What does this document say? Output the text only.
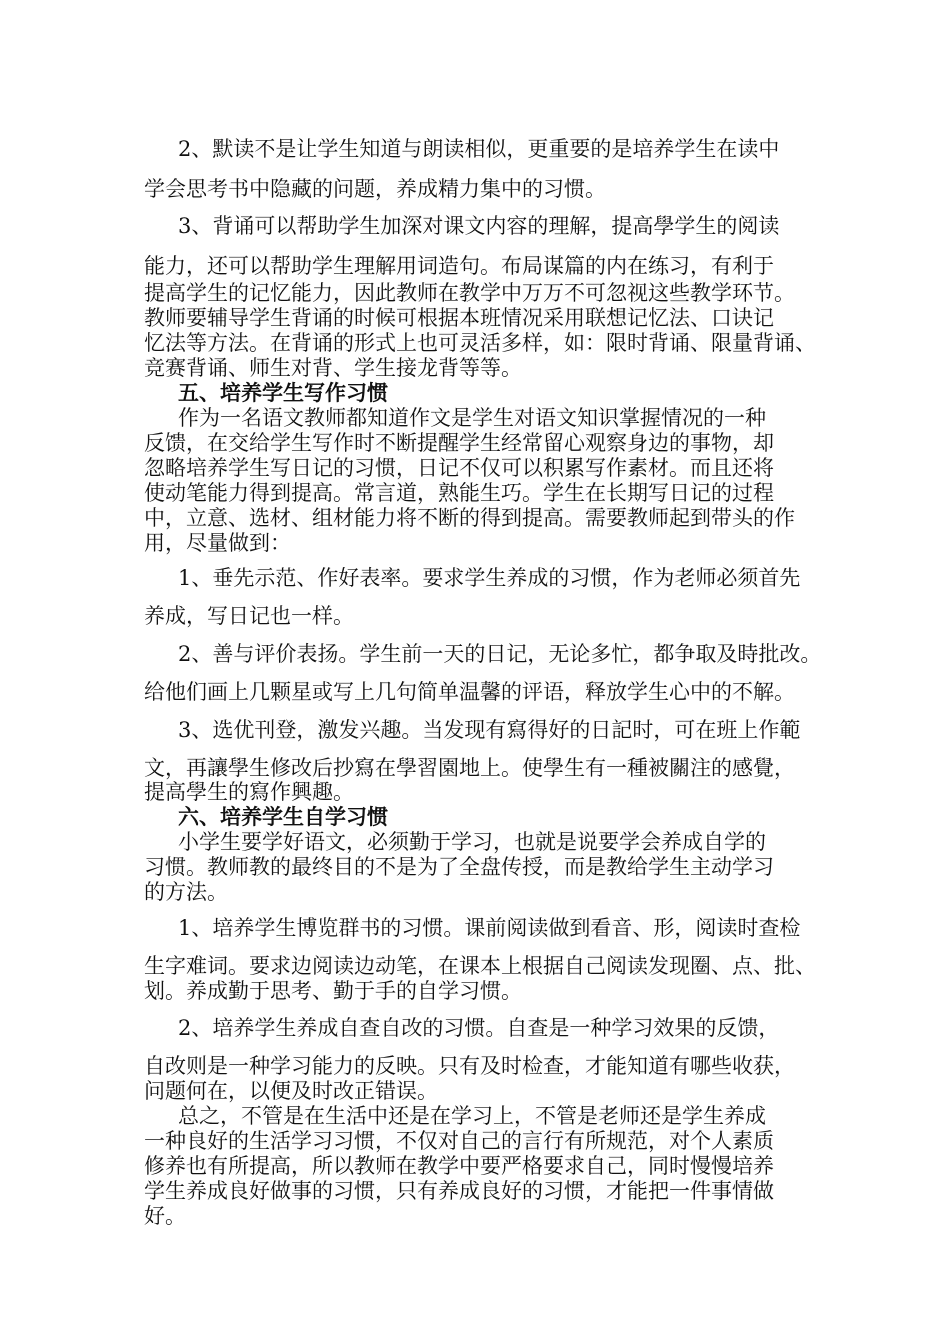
2、默读不是让学生知道与朗读相似，更重要的是培养学生在读中
学会思考书中隐藏的问题，养成精力集中的习惯。
3、背诵可以帮助学生加深对课文内容的理解，提高學学生的阅读
能力，还可以帮助学生理解用词造句。布局谋篇的内在练习，有利于
提高学生的记忆能力，因此教师在教学中万万不可忽视这些教学环节。
教师要辅导学生背诵的时候可根据本班情况采用联想记忆法、口诀记
忆法等方法。在背诵的形式上也可灵活多样，如：限时背诵、限量背诵、
竞赛背诵、师生对背、学生接龙背等等。
五、培养学生写作习惯
作为一名语文教师都知道作文是学生对语文知识掌握情况的一种
反馈，在交给学生写作时不断提醒学生经常留心观察身边的事物，却
忽略培养学生写日记的习惯，日记不仅可以积累写作素材。而且还将
使动笔能力得到提高。常言道，熟能生巧。学生在长期写日记的过程
中，立意、选材、组材能力将不断的得到提高。需要教师起到带头的作
用，尽量做到：
1、垂先示范、作好表率。要求学生养成的习惯，作为老师必须首先
养成，写日记也一样。
2、善与评价表扬。学生前一天的日记，无论多忙，都争取及時批改。
给他们画上几颗星或写上几句简单温馨的评语，释放学生心中的不解。
3、选优刊登，激发兴趣。当发现有寫得好的日記时，可在班上作範
文，再讓學生修改后抄寫在學習園地上。使學生有一種被關注的感覺，
提高學生的寫作興趣。
六、培养学生自学习惯
小学生要学好语文，必须勤于学习，也就是说要学会养成自学的
习惯。教师教的最终目的不是为了全盘传授，而是教给学生主动学习
的方法。
1、培养学生博览群书的习惯。课前阅读做到看音、形，阅读时查检
生字难词。要求边阅读边动笔，在课本上根据自己阅读发现圈、点、批、
划。养成勤于思考、勤于手的自学习惯。
2、培养学生养成自查自改的习惯。自查是一种学习效果的反馈，
自改则是一种学习能力的反映。只有及时检查，才能知道有哪些收获，
问题何在，以便及时改正错误。
总之，不管是在生活中还是在学习上，不管是老师还是学生养成
一种良好的生活学习习惯，不仅对自己的言行有所规范，对个人素质
修养也有所提高，所以教师在教学中要严格要求自己，同时慢慢培养
学生养成良好做事的习惯，只有养成良好的习惯，才能把一件事情做
好。
